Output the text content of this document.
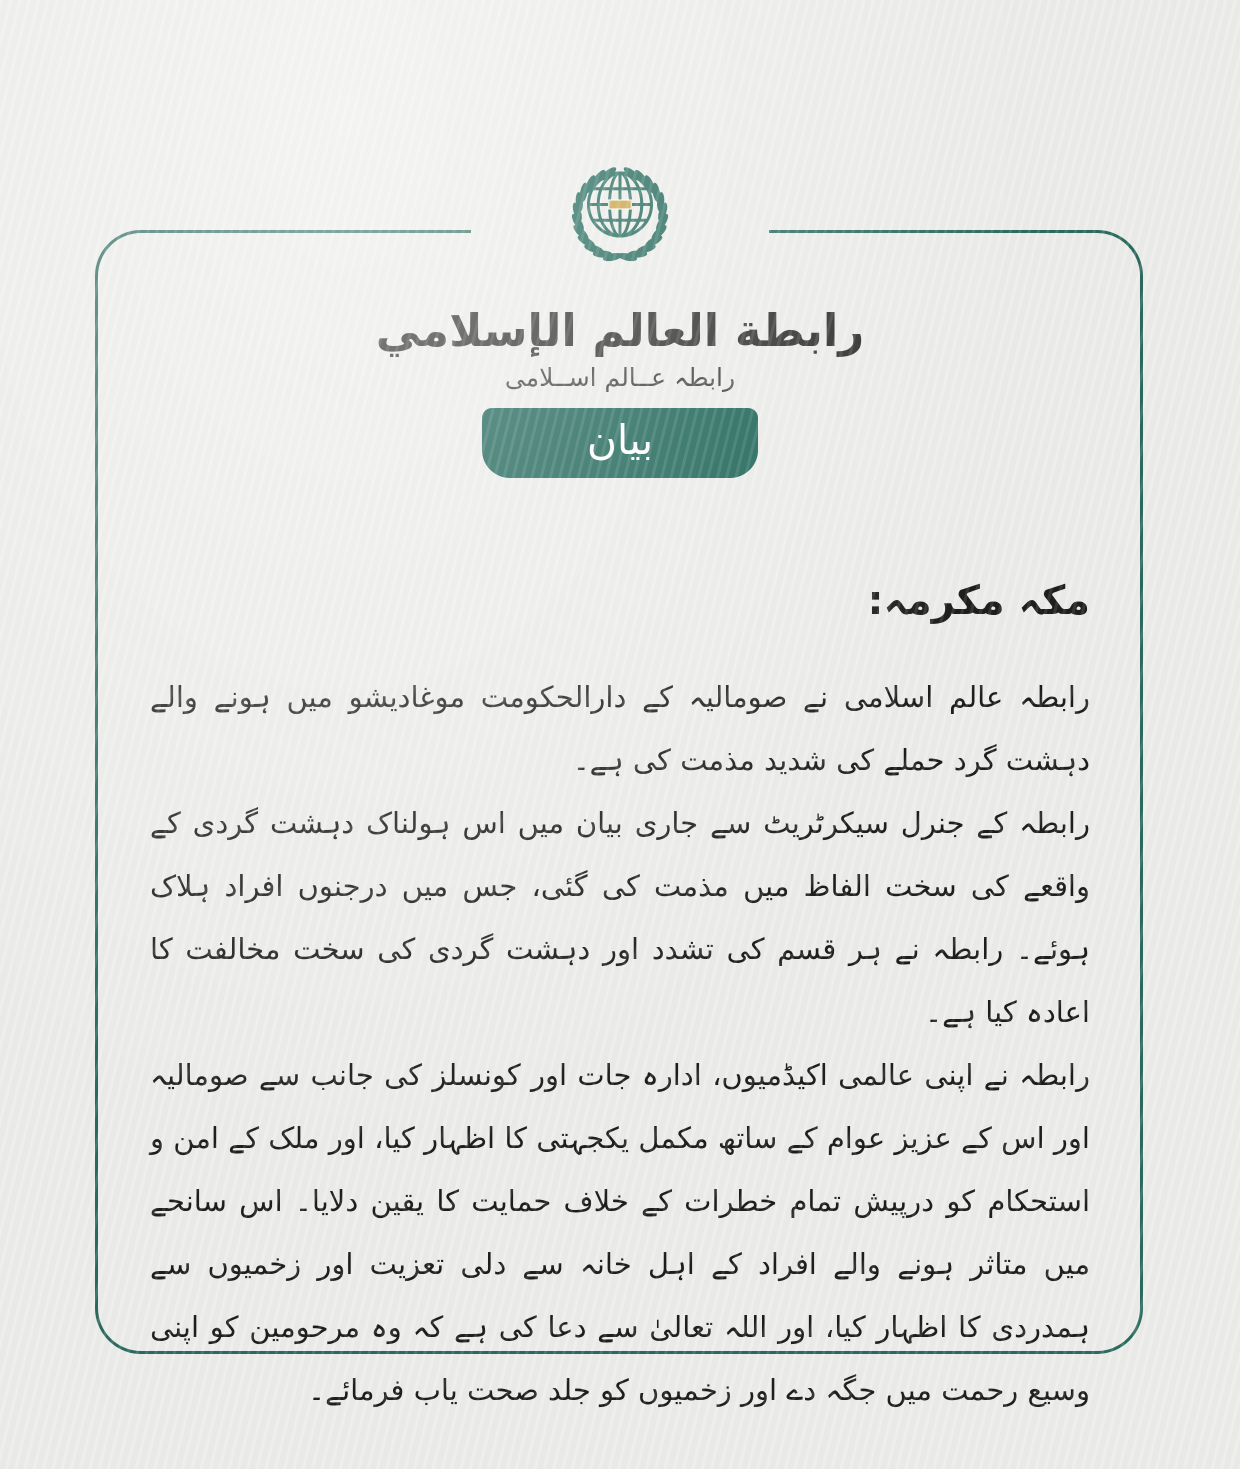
رابطة العالم الإسلامي
رابطہ عــالم اســلامی
بيان
مکہ مکرمہ:

رابطہ عالم اسلامی نے صومالیہ کے دارالحکومت موغادیشو میں ہونے والے دہشت گرد حملے کی شدید مذمت کی ہے۔

رابطہ کے جنرل سیکرٹریٹ سے جاری بیان میں اس ہولناک دہشت گردی کے واقعے کی سخت الفاظ میں مذمت کی گئی، جس میں درجنوں افراد ہلاک ہوئے۔ رابطہ نے ہر قسم کی تشدد اور دہشت گردی کی سخت مخالفت کا اعادہ کیا ہے۔

رابطہ نے اپنی عالمی اکیڈمیوں، ادارہ جات اور کونسلز کی جانب سے صومالیہ اور اس کے عزیز عوام کے ساتھ مکمل یکجہتی کا اظہار کیا، اور ملک کے امن و استحکام کو درپیش تمام خطرات کے خلاف حمایت کا یقین دلایا۔ اس سانحے میں متاثر ہونے والے افراد کے اہل خانہ سے دلی تعزیت اور زخمیوں سے ہمدردی کا اظہار کیا، اور اللہ تعالیٰ سے دعا کی ہے کہ وہ مرحومین کو اپنی وسیع رحمت میں جگہ دے اور زخمیوں کو جلد صحت یاب فرمائے۔
